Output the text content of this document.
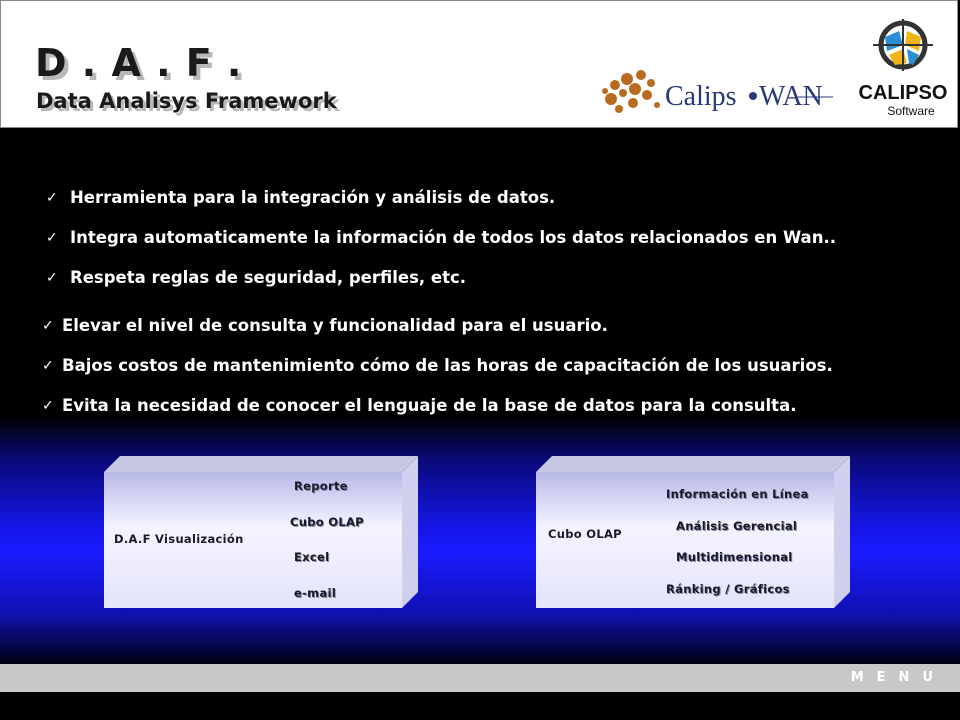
D . A . F .
Data Analisys Framework	Calips WAN CALIPSO
Software
✓ Herramienta para la integración y análisis de datos.
✓ Integra automaticamente la información de todos los datos relacionados en Wan..
✓ Respeta reglas de seguridad, perfiles, etc.
✓ Elevar el nivel de consulta y funcionalidad para el usuario.
✓ Bajos costos de mantenimiento cómo de las horas de capacitación de los usuarios.
✓ Evita la necesidad de conocer el lenguaje de la base de datos para la consulta.
D.A.F Visualización
Reporte
Cubo OLAP
Excel
e-mail
Cubo OLAP
Información en Línea
Análisis Gerencial
Multidimensional
Ránking / Gráficos
MENU
